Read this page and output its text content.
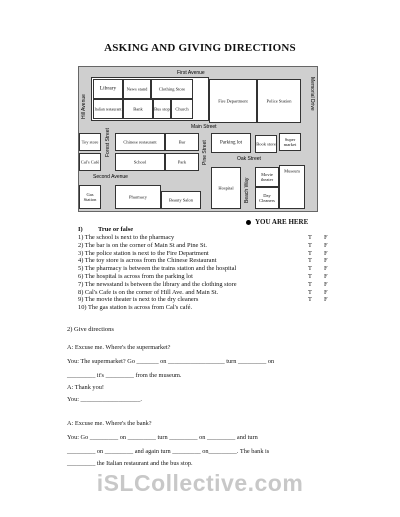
ASKING AND GIVING DIRECTIONS
Library	News stand	Clothing Store
Italian restaurant	Bank	Bus stop	Church
Fire Department	Police Station
First Avenue
Hill Avenue	Memorial Drive
Main Street
Toy store	Chinese restaurant	Bar	Parking lot	Book store
Super market
Forest Street	Pine Street	Oak Street
Cal's Café	School	Park
Second Avenue
Hospital	Beach Way
Movie theater
Day Cleaners
Museum
Gas Station	Pharmacy
Beauty Salon
YOU ARE HERE
I) True or false
1) The school is next to the pharmacy	T F
2) The bar is on the corner of Main St and Pine St.	T F
3) The police station is next to the Fire Department	T F
4) The toy store is across from the Chinese Restaurant	T F
5) The pharmacy is between the trains station and the hospital	T F
6) The hospital is across from the parking lot	T F
7) The newsstand is between the library and the clothing store	T F
8) Cal's Cafe is on the corner of Hill Ave. and Main St.	T F
9) The movie theater is next to the dry cleaners	T F
10) The gas station is across from Cal's café.
2) Give directions
A: Excuse me. Where's the supermarket?
You: The supermarket? Go _______ on __________________ turn _________ on
_________ it's _________ from the museum.
A: Thank you!
You: ___________________.
A: Excuse me. Where's the bank?
You: Go _________ on _________ turn _________ on _________ and turn
_________ on _________ and again turn _________ on_________. The bank is
_________ the Italian restaurant and the bus stop.
iSLCollective.com
